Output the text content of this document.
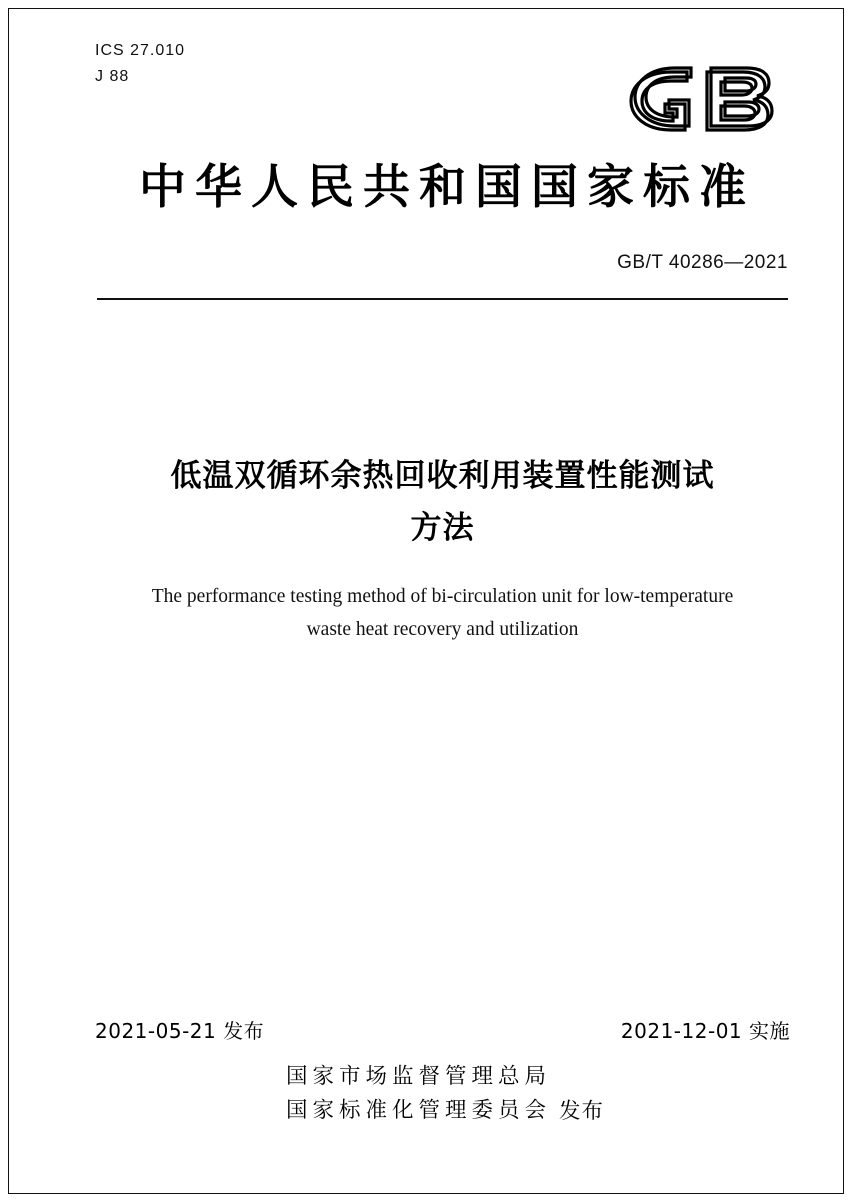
ICS 27.010
J 88
中华人民共和国国家标准
GB/T 40286—2021
低温双循环余热回收利用装置性能测试
方法
The performance testing method of bi-circulation unit for low-temperature
waste heat recovery and utilization
2021-05-21 发布	2021-12-01 实施
国家市场监督管理总局
国家标准化管理委员会 发布
